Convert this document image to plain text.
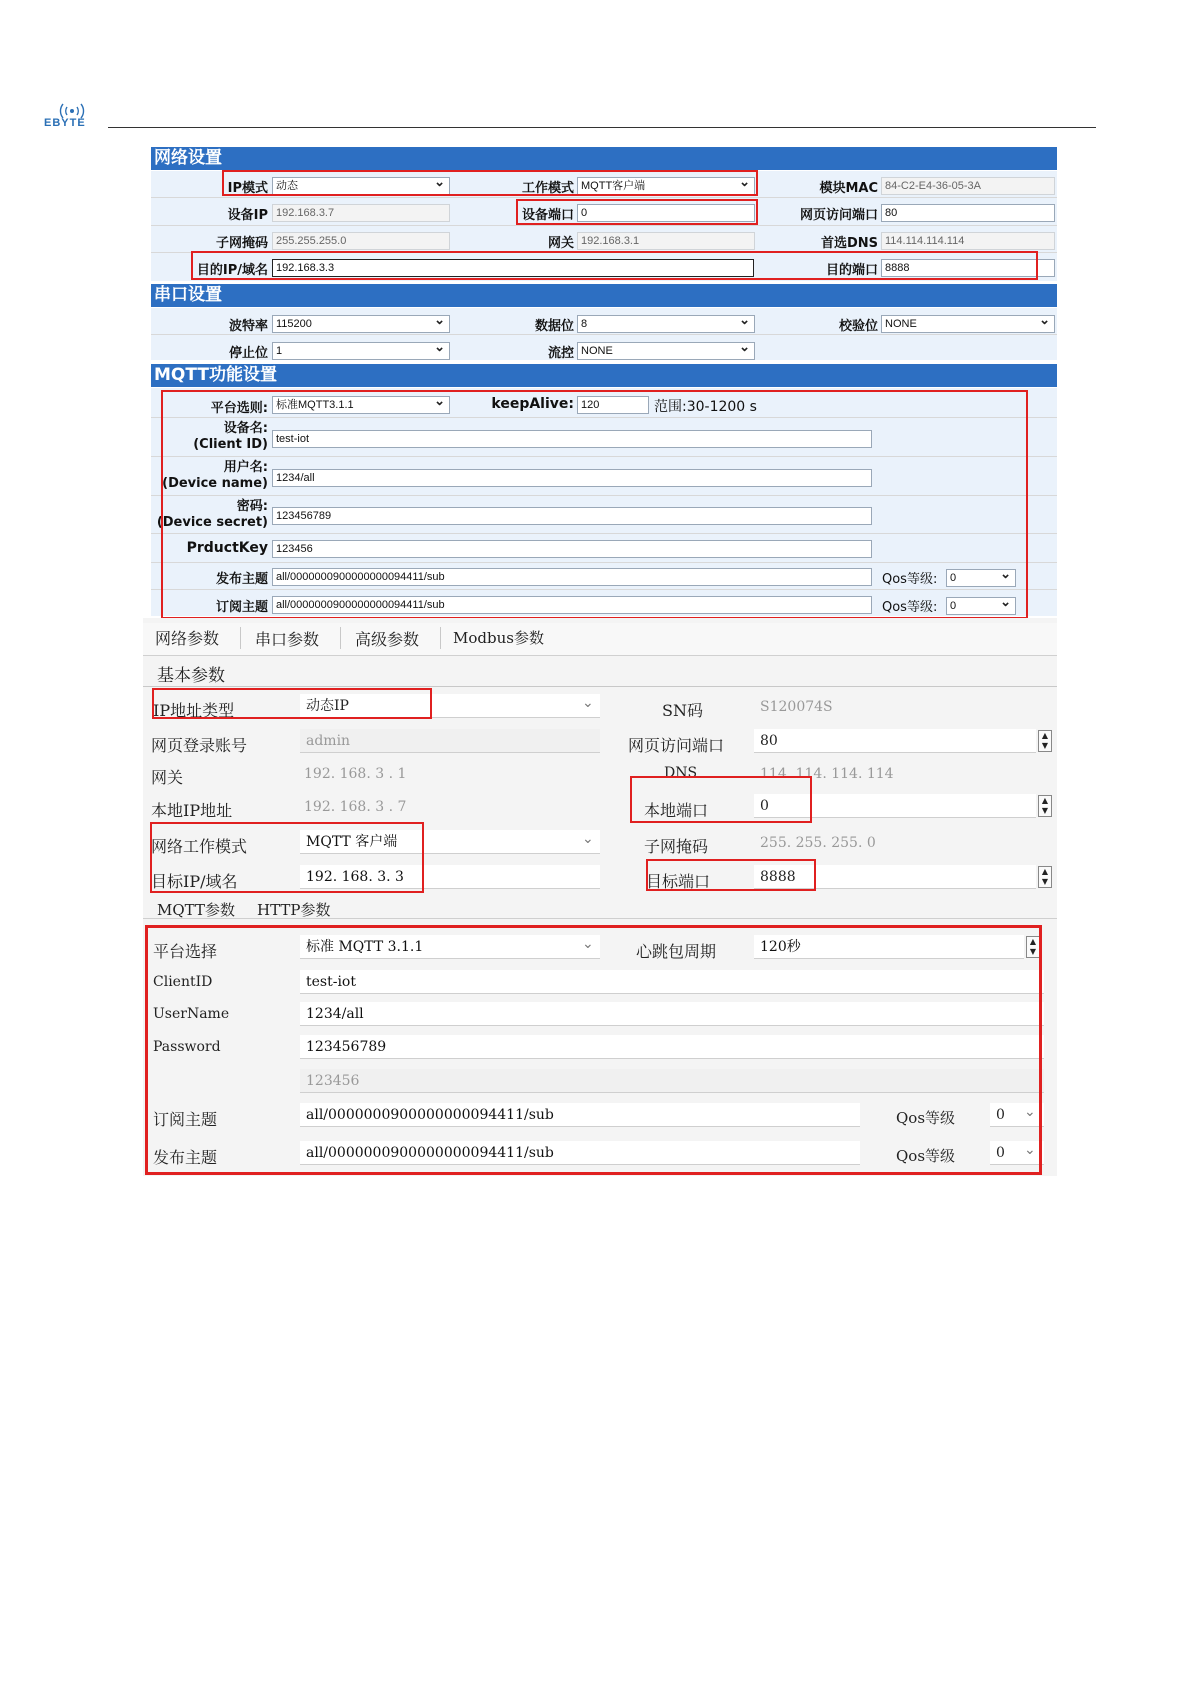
EBYTE
网络设置
IP模式 动态 ⌄	工作模式 MQTT客户端 ⌄	模块MAC 84-C2-E4-36-05-3A
设备IP 192.168.3.7	设备端口 0	网页访问端口 80
子网掩码 255.255.255.0	网关 192.168.3.1	首选DNS 114.114.114.114
目的IP/域名 192.168.3.3	目的端口 8888
串口设置
波特率 115200 ⌄	数据位 8 ⌄	校验位 NONE ⌄
停止位 1 ⌄	流控 NONE ⌄
MQTT功能设置
平台选则: 标准MQTT3.1.1 ⌄	keepAlive: 120	范围:30-1200 s
设备名:
(Client ID) test-iot
用户名:
(Device name) 1234/all
密码:
(Device secret) 123456789
PrductKey 123456
发布主题 all/0000000900000000094411/sub	Qos等级:	0 ⌄
订阅主题 all/0000000900000000094411/sub	Qos等级:	0 ⌄
网络参数 串口参数 高级参数 Modbus参数
基本参数
IP地址类型	动态IP	⌄	SN码	S120074S
网页登录账号	admin	网页访问端口	80	▲
▼
网关	192. 168. 3 . 1	DNS	114. 114. 114. 114
本地IP地址	192. 168. 3 . 7	本地端口	0	▲
▼
网络工作模式	MQTT 客户端	⌄	子网掩码	255. 255. 255. 0
目标IP/域名	192. 168. 3. 3	目标端口	8888	▲
▼
MQTT参数 HTTP参数
平台选择	标准 MQTT 3.1.1	⌄	心跳包周期	120秒	▲
▼
ClientID	test-iot
UserName	1234/all
Password	123456789
123456
订阅主题	all/0000000900000000094411/sub	Qos等级	0	⌄
发布主题	all/0000000900000000094411/sub	Qos等级	0	⌄
